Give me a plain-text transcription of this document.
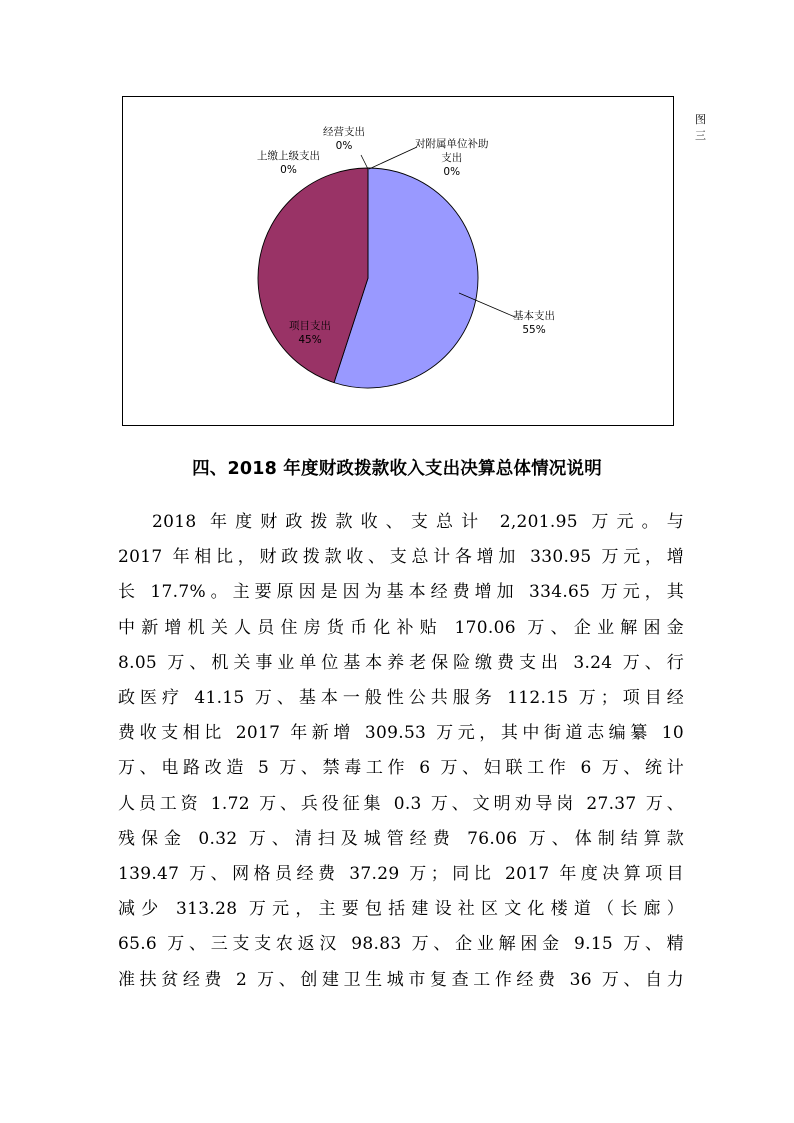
图三
基本支出
55%
项目支出
45%
上缴上级支出
0%
经营支出
0%	对附属单位补助
支出
0%
四、2018 年度财政拨款收入支出决算总体情况说明
2018 年度财政拨款收、支总计 2,201.95 万元。与
2017 年相比，财政拨款收、支总计各增加 330.95 万元，增
长 17.7%。主要原因是因为基本经费增加 334.65 万元，其
中新增机关人员住房货币化补贴 170.06 万、企业解困金
8.05 万、机关事业单位基本养老保险缴费支出 3.24 万、行
政医疗 41.15 万、基本一般性公共服务 112.15 万；项目经
费收支相比 2017 年新增 309.53 万元，其中街道志编纂 10
万、电路改造 5 万、禁毒工作 6 万、妇联工作 6 万、统计
人员工资 1.72 万、兵役征集 0.3 万、文明劝导岗 27.37 万、
残保金 0.32 万、清扫及城管经费 76.06 万、体制结算款
139.47 万、网格员经费 37.29 万；同比 2017 年度决算项目
减少 313.28 万元，主要包括建设社区文化楼道（长廊）
65.6 万、三支支农返汉 98.83 万、企业解困金 9.15 万、精
准扶贫经费 2 万、创建卫生城市复查工作经费 36 万、自力
